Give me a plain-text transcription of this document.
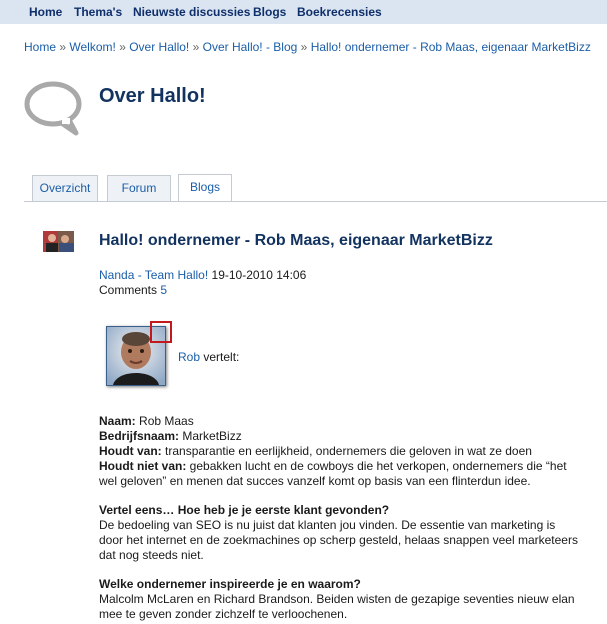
Home Thema's Nieuwste discussies Blogs Boekrecensies
Home » Welkom! » Over Hallo! » Over Hallo! - Blog » Hallo! ondernemer - Rob Maas, eigenaar MarketBizz
Over Hallo!
Overzicht	Forum	Blogs
Hallo! ondernemer - Rob Maas, eigenaar MarketBizz
Nanda - Team Hallo! 19-10-2010 14:06
Comments 5
Rob vertelt:

Naam: Rob Maas

Bedrijfsnaam: MarketBizz

Houdt van: transparantie en eerlijkheid, ondernemers die geloven in wat ze doen

Houdt niet van: gebakken lucht en de cowboys die het verkopen, ondernemers die “het wel geloven” en menen dat succes vanzelf komt op basis van een flinterdun idee.

Vertel eens… Hoe heb je je eerste klant gevonden?

De bedoeling van SEO is nu juist dat klanten jou vinden. De essentie van marketing is door het internet en de zoekmachines op scherp gesteld, helaas snappen veel marketeers dat nog steeds niet.

Welke ondernemer inspireerde je en waarom?

Malcolm McLaren en Richard Brandson. Beiden wisten de gezapige seventies nieuw elan mee te geven zonder zichzelf te verloochenen.
